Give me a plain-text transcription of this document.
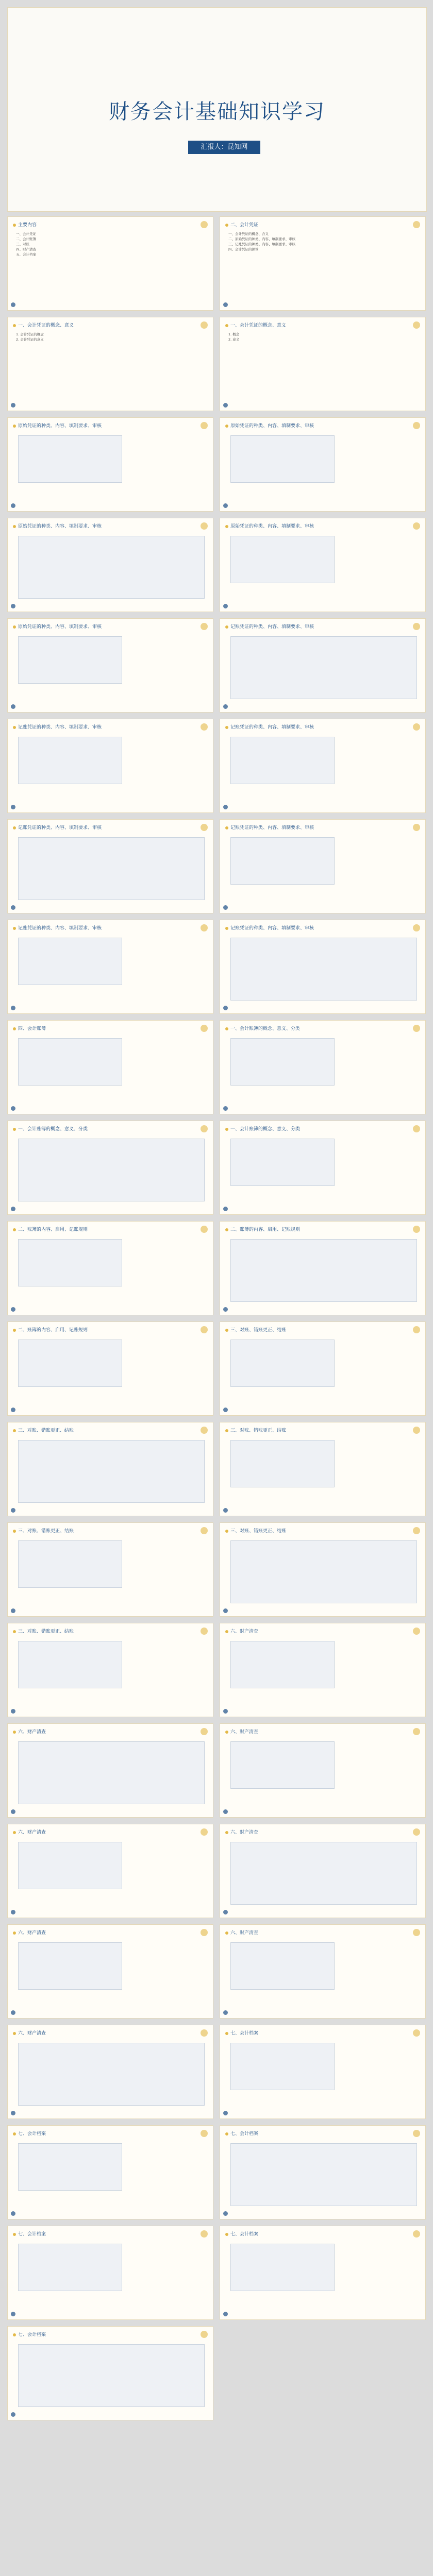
财务会计基础知识学习
汇报人：昆知网
主要内容
一、会计凭证
二、会计账簿
三、对账
四、财产清查
五、会计档案
二、会计凭证
一、会计凭证的概念、含义
二、原始凭证的种类、内容、填制要求、审核
三、记账凭证的种类、内容、填制要求、审核
四、会计凭证的保管
一、会计凭证的概念、意义
1. 会计凭证的概念
2. 会计凭证的意义
一、会计凭证的概念、意义
1. 概念
2. 意义
原始凭证的种类、内容、填制要求、审核	原始凭证的种类、内容、填制要求、审核
原始凭证的种类、内容、填制要求、审核	原始凭证的种类、内容、填制要求、审核
原始凭证的种类、内容、填制要求、审核	记账凭证的种类、内容、填制要求、审核
记账凭证的种类、内容、填制要求、审核	记账凭证的种类、内容、填制要求、审核
记账凭证的种类、内容、填制要求、审核	记账凭证的种类、内容、填制要求、审核
记账凭证的种类、内容、填制要求、审核	记账凭证的种类、内容、填制要求、审核
四、会计账簿	一、会计账簿的概念、意义、分类
一、会计账簿的概念、意义、分类	一、会计账簿的概念、意义、分类
二、账簿的内容、启用、记账规则	二、账簿的内容、启用、记账规则
二、账簿的内容、启用、记账规则	三、对账、错账更正、结账
三、对账、错账更正、结账	三、对账、错账更正、结账
三、对账、错账更正、结账	三、对账、错账更正、结账
三、对账、错账更正、结账	六、财产清查
六、财产清查	六、财产清查
六、财产清查	六、财产清查
六、财产清查	六、财产清查
六、财产清查	七、会计档案
七、会计档案	七、会计档案
七、会计档案	七、会计档案
七、会计档案
